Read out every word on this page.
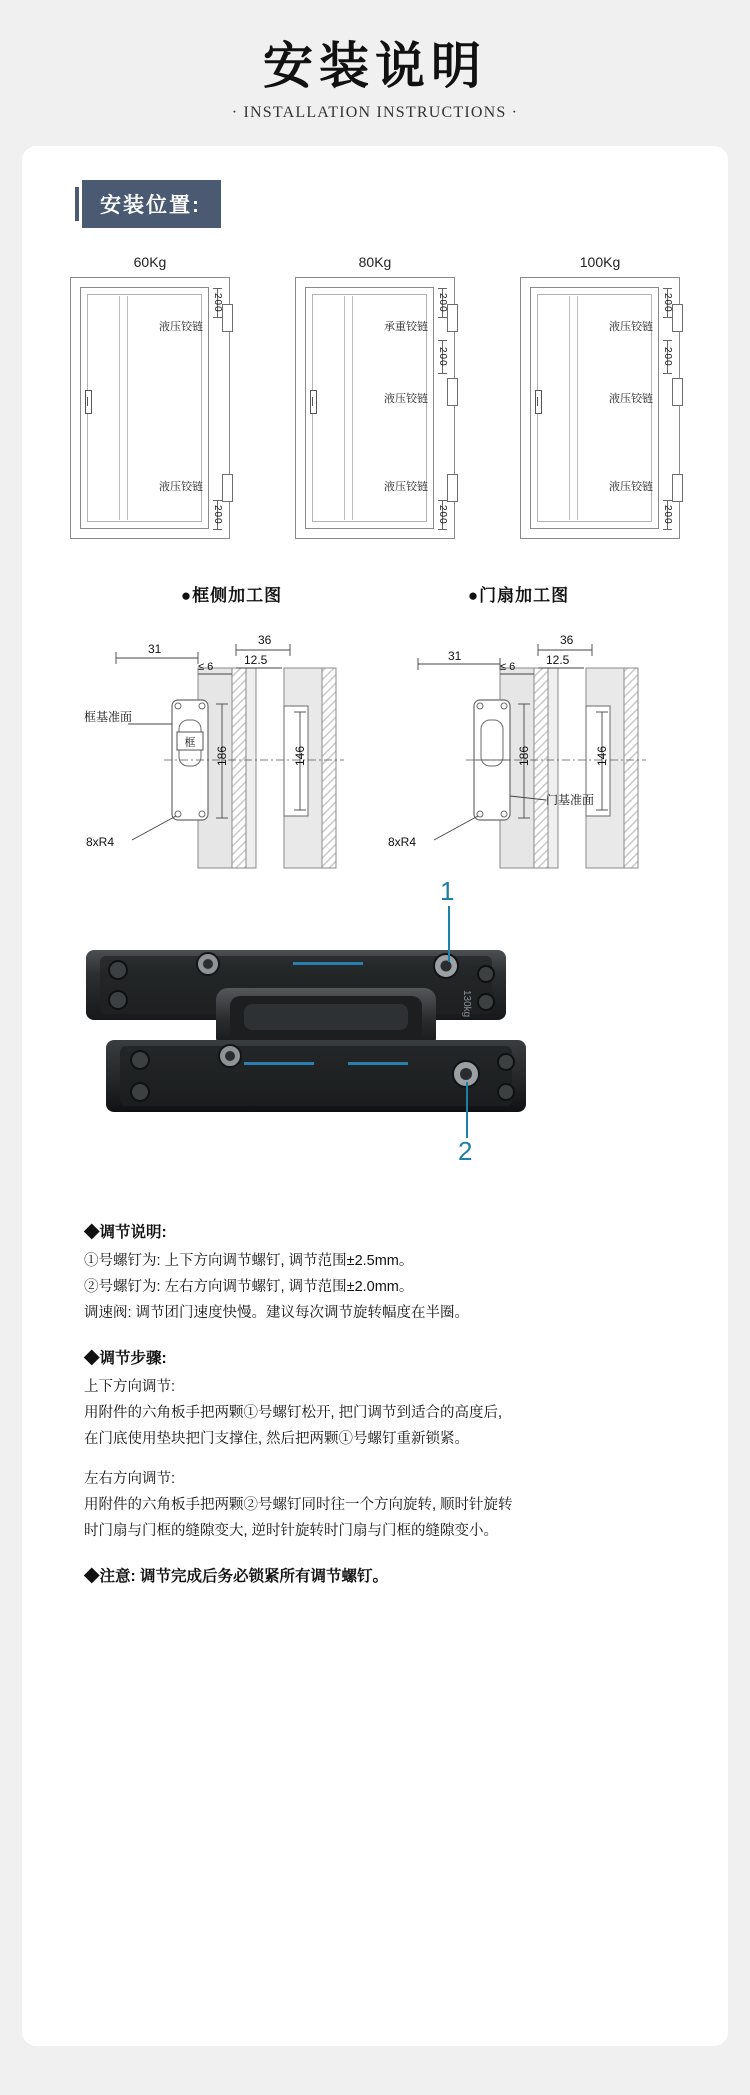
安装说明
· INSTALLATION INSTRUCTIONS ·
安装位置:
60Kg
液压铰链
液压铰链
200
200
80Kg
承重铰链
液压铰链
液压铰链
200
200
200
100Kg
液压铰链
液压铰链
液压铰链
200
200
200
●框侧加工图	●门扇加工图
框
31
≤ 6
36
12.5
186	146
框基准面
8xR4
31
≤ 6
36
12.5
186	146
门基准面
8xR4
130kg
1
2
◆调节说明:

①号螺钉为: 上下方向调节螺钉, 调节范围±2.5mm。

②号螺钉为: 左右方向调节螺钉, 调节范围±2.0mm。

调速阀: 调节团门速度快慢。建议每次调节旋转幅度在半圈。

◆调节步骤:

上下方向调节:

用附件的六角板手把两颗①号螺钉松开, 把门调节到适合的高度后,

在门底使用垫块把门支撑住, 然后把两颗①号螺钉重新锁紧。

左右方向调节:

用附件的六角板手把两颗②号螺钉同时往一个方向旋转, 顺时针旋转

时门扇与门框的缝隙变大, 逆时针旋转时门扇与门框的缝隙变小。

◆注意: 调节完成后务必锁紧所有调节螺钉。
